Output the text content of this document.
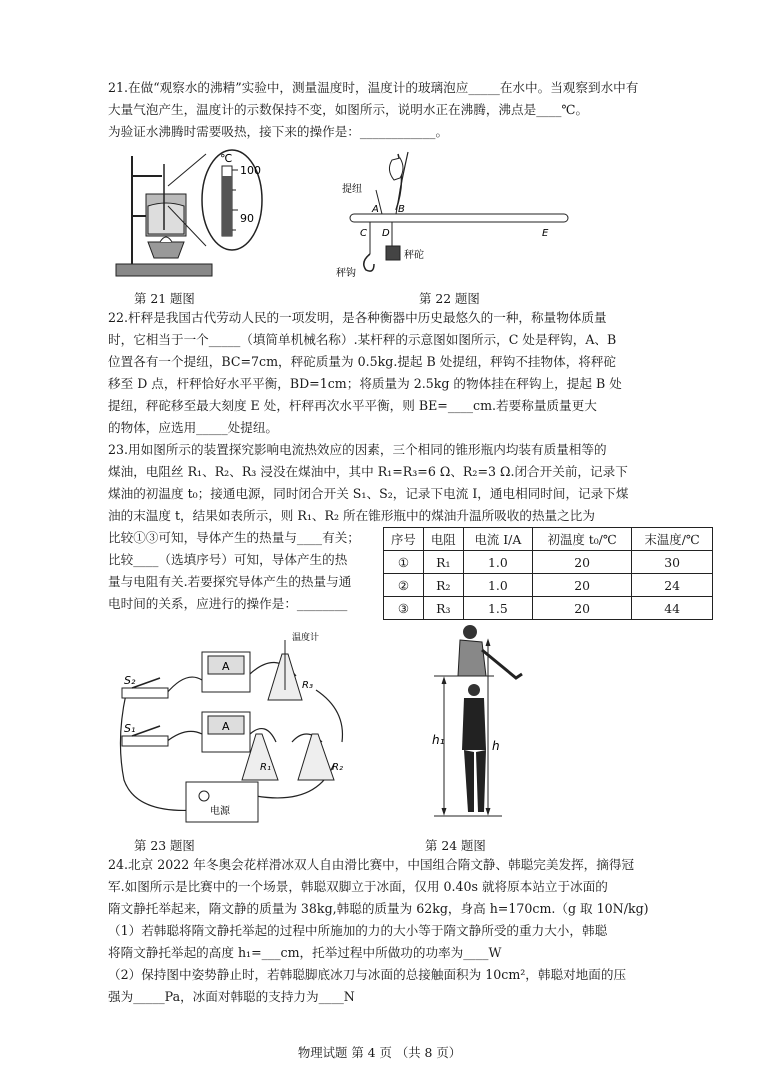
21.在做“观察水的沸精”实验中，测量温度时，温度计的玻璃泡应_____在水中。当观察到水中有
大量气泡产生，温度计的示数保持不变，如图所示，说明水正在沸腾，沸点是____℃。
为验证水沸腾时需要吸热，接下来的操作是：____________。
℃
100
90
提纽
A B
C D	E
秤砣
秤钩
第 21 题图	第 22 题图
22.杆秤是我国古代劳动人民的一项发明，是各种衡器中历史最悠久的一种，称量物体质量
时，它相当于一个_____（填简单机械名称）.某杆秤的示意图如图所示，C 处是秤钩，A、B
位置各有一个提纽，BC=7cm，秤砣质量为 0.5kg.提起 B 处提纽，秤钩不挂物体，将秤砣
移至 D 点，杆秤恰好水平平衡，BD=1cm；将质量为 2.5kg 的物体挂在秤钩上，提起 B 处
提纽，秤砣移至最大刻度 E 处，杆秤再次水平平衡，则 BE=____cm.若要称量质量更大
的物体，应选用_____处提纽。
23.用如图所示的装置探究影响电流热效应的因素，三个相同的锥形瓶内均装有质量相等的
煤油，电阻丝 R₁、R₂、R₃ 浸没在煤油中，其中 R₁=R₃=6 Ω、R₂=3 Ω.闭合开关前，记录下
煤油的初温度 t₀；接通电源，同时闭合开关 S₁、S₂，记录下电流 I，通电相同时间，记录下煤
油的末温度 t，结果如表所示，则 R₁、R₂ 所在锥形瓶中的煤油升温所吸收的热量之比为
比较①③可知，导体产生的热量与____有关；
比较____（选填序号）可知，导体产生的热
量与电阻有关.若要探究导体产生的热量与通
电时间的关系，应进行的操作是：________
序号	电阻	电流 I/A	初温度 t₀/℃	末温度/℃
①	R₁	1.0	20	30
②	R₂	1.0	20	24
③	R₃	1.5	20	44
S₂
S₁
A
A
温度计
R₃
R₁	R₂
电源
h₁	h
第 23 题图	第 24 题图
24.北京 2022 年冬奥会花样滑冰双人自由滑比赛中，中国组合隋文静、韩聪完美发挥，摘得冠
军.如图所示是比赛中的一个场景，韩聪双脚立于冰面，仅用 0.40s 就将原本站立于冰面的
隋文静托举起来，隋文静的质量为 38kg,韩聪的质量为 62kg，身高 h=170cm.（g 取 10N/kg)
（1）若韩聪将隋文静托举起的过程中所施加的力的大小等于隋文静所受的重力大小，韩聪
将隋文静托举起的高度 h₁=___cm，托举过程中所做功的功率为____W
（2）保持图中姿势静止时，若韩聪脚底冰刀与冰面的总接触面积为 10cm²，韩聪对地面的压
强为_____Pa，冰面对韩聪的支持力为____N
物理试题 第 4 页 （共 8 页）
